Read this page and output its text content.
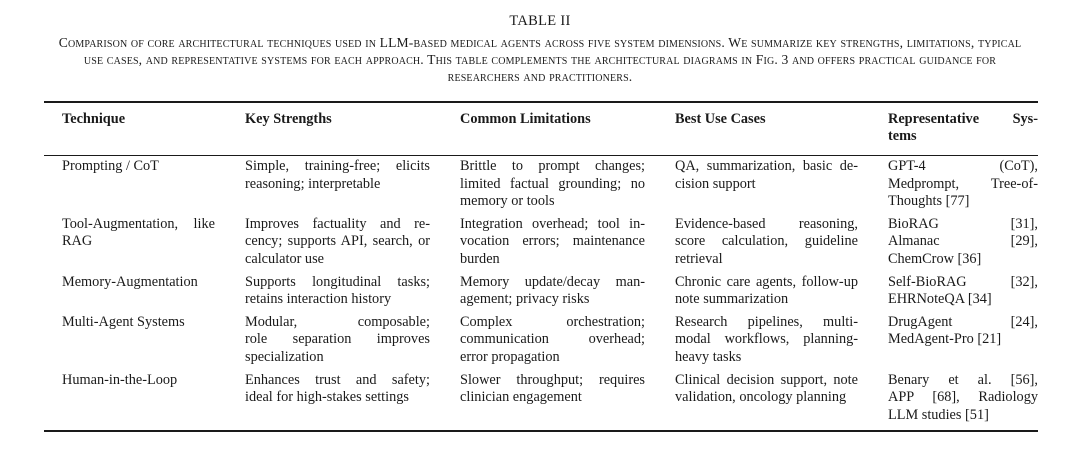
TABLE II
Comparison of core architectural techniques used in LLM-based medical agents across five system dimensions. We summarize key strengths, limitations, typical use cases, and representative systems for each approach. This table complements the architectural diagrams in Fig. 3 and offers practical guidance for researchers and practitioners.
Technique	Key Strengths	Common Limitations	Best Use Cases	Representative Sys-
tems

Prompting / CoT	Simple, training-free; elicits
reasoning; interpretable	Brittle to prompt changes;
limited factual grounding; no
memory or tools	QA, summarization, basic de-
cision support	GPT-4 (CoT),
Medprompt, Tree-of-
Thoughts [77]

Tool-Augmentation, like
RAG	Improves factuality and re-
cency; supports API, search, or
calculator use	Integration overhead; tool in-
vocation errors; maintenance
burden	Evidence-based reasoning,
score calculation, guideline
retrieval	BioRAG [31],
Almanac [29],
ChemCrow [36]

Memory-Augmentation	Supports longitudinal tasks;
retains interaction history	Memory update/decay man-
agement; privacy risks	Chronic care agents, follow-up
note summarization	Self-BioRAG [32],
EHRNoteQA [34]

Multi-Agent Systems	Modular, composable;
role separation improves
specialization	Complex orchestration;
communication overhead;
error propagation	Research pipelines, multi-
modal workflows, planning-
heavy tasks	DrugAgent [24],
MedAgent-Pro [21]

Human-in-the-Loop	Enhances trust and safety;
ideal for high-stakes settings	Slower throughput; requires
clinician engagement	Clinical decision support, note
validation, oncology planning	Benary et al. [56],
APP [68], Radiology
LLM studies [51]
